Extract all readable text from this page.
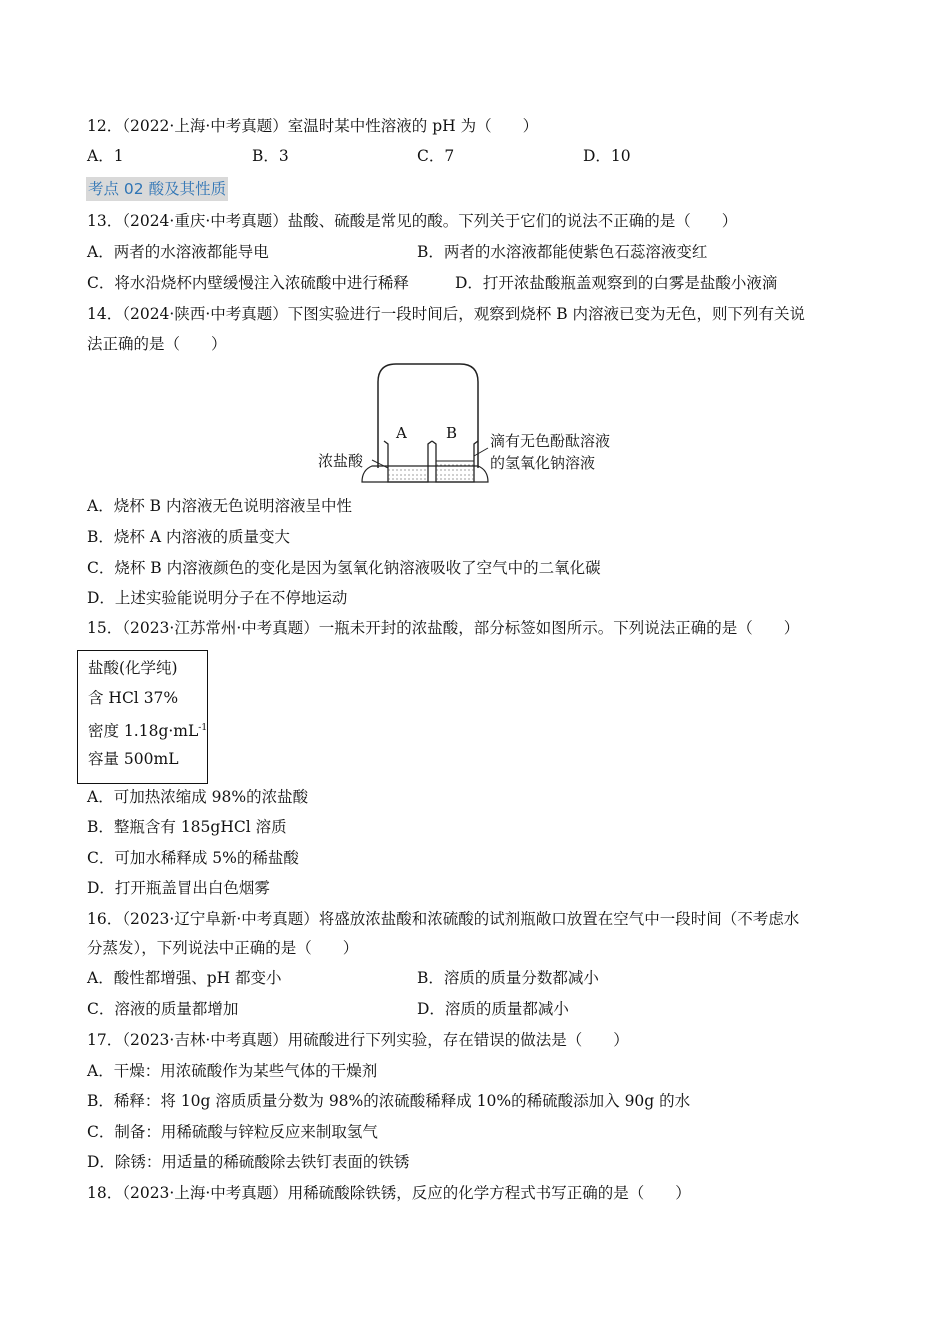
12．（2022·上海·中考真题）室温时某中性溶液的 pH 为（　　）
A．1	B．3	C．7	D．10
考点 02 酸及其性质
13．（2024·重庆·中考真题）盐酸、硫酸是常见的酸。下列关于它们的说法不正确的是（　　）
A．两者的水溶液都能导电	B．两者的水溶液都能使紫色石蕊溶液变红
C．将水沿烧杯内壁缓慢注入浓硫酸中进行稀释	D．打开浓盐酸瓶盖观察到的白雾是盐酸小液滴
14．（2024·陕西·中考真题）下图实验进行一段时间后，观察到烧杯 B 内溶液已变为无色，则下列有关说
法正确的是（　　）
A	B
浓盐酸
滴有无色酚酞溶液
的氢氧化钠溶液
A．烧杯 B 内溶液无色说明溶液呈中性
B．烧杯 A 内溶液的质量变大
C．烧杯 B 内溶液颜色的变化是因为氢氧化钠溶液吸收了空气中的二氧化碳
D．上述实验能说明分子在不停地运动
15．（2023·江苏常州·中考真题）一瓶未开封的浓盐酸，部分标签如图所示。下列说法正确的是（　　）
盐酸(化学纯)
含 HCl 37%
密度 $1.18g\cdot mL^{-1}$
容量 500mL
A．可加热浓缩成 98%的浓盐酸
B．整瓶含有 185gHCl 溶质
C．可加水稀释成 5%的稀盐酸
D．打开瓶盖冒出白色烟雾
16．（2023·辽宁阜新·中考真题）将盛放浓盐酸和浓硫酸的试剂瓶敞口放置在空气中一段时间（不考虑水
分蒸发），下列说法中正确的是（　　）
A．酸性都增强、pH 都变小	B．溶质的质量分数都减小
C．溶液的质量都增加	D．溶质的质量都减小
17．（2023·吉林·中考真题）用硫酸进行下列实验，存在错误的做法是（　　）
A．干燥：用浓硫酸作为某些气体的干燥剂
B．稀释：将 10g 溶质质量分数为 98%的浓硫酸稀释成 10%的稀硫酸添加入 90g 的水
C．制备：用稀硫酸与锌粒反应来制取氢气
D．除锈：用适量的稀硫酸除去铁钉表面的铁锈
18．（2023·上海·中考真题）用稀硫酸除铁锈，反应的化学方程式书写正确的是（　　）
